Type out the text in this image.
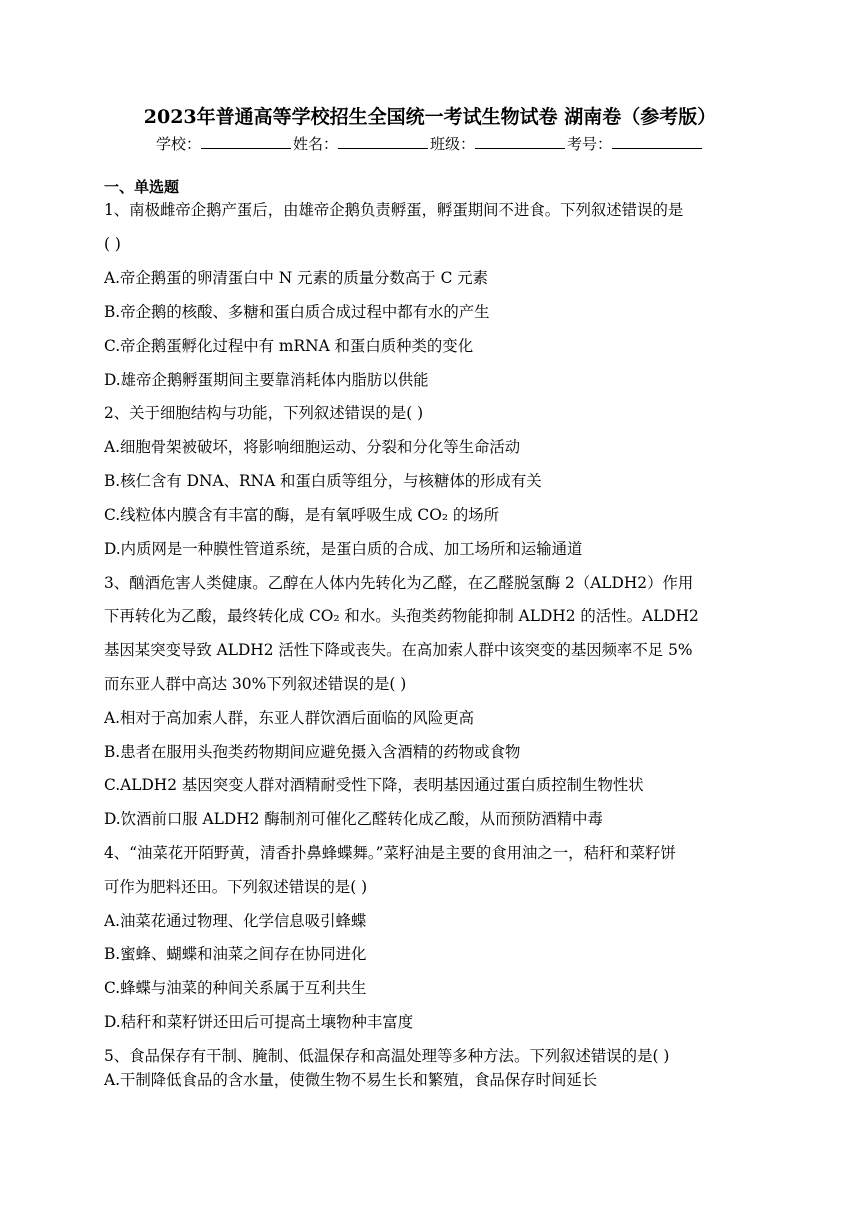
2023年普通高等学校招生全国统一考试生物试卷 湖南卷（参考版）
学校：	姓名：	班级：	考号：
一、单选题
1、南极雌帝企鹅产蛋后，由雄帝企鹅负责孵蛋，孵蛋期间不进食。下列叙述错误的是
( )
A.帝企鹅蛋的卵清蛋白中 N 元素的质量分数高于 C 元素
B.帝企鹅的核酸、多糖和蛋白质合成过程中都有水的产生
C.帝企鹅蛋孵化过程中有 mRNA 和蛋白质种类的变化
D.雄帝企鹅孵蛋期间主要靠消耗体内脂肪以供能
2、关于细胞结构与功能，下列叙述错误的是( )
A.细胞骨架被破坏，将影响细胞运动、分裂和分化等生命活动
B.核仁含有 DNA、RNA 和蛋白质等组分，与核糖体的形成有关
C.线粒体内膜含有丰富的酶，是有氧呼吸生成 CO₂ 的场所
D.内质网是一种膜性管道系统，是蛋白质的合成、加工场所和运输通道
3、酗酒危害人类健康。乙醇在人体内先转化为乙醛，在乙醛脱氢酶 2（ALDH2）作用
下再转化为乙酸，最终转化成 CO₂ 和水。头孢类药物能抑制 ALDH2 的活性。ALDH2
基因某突变导致 ALDH2 活性下降或丧失。在高加索人群中该突变的基因频率不足 5%
而东亚人群中高达 30%下列叙述错误的是( )
A.相对于高加索人群，东亚人群饮酒后面临的风险更高
B.患者在服用头孢类药物期间应避免摄入含酒精的药物或食物
C.ALDH2 基因突变人群对酒精耐受性下降，表明基因通过蛋白质控制生物性状
D.饮酒前口服 ALDH2 酶制剂可催化乙醛转化成乙酸，从而预防酒精中毒
4、“油菜花开陌野黄，清香扑鼻蜂蝶舞。”菜籽油是主要的食用油之一，秸秆和菜籽饼
可作为肥料还田。下列叙述错误的是( )
A.油菜花通过物理、化学信息吸引蜂蝶
B.蜜蜂、蝴蝶和油菜之间存在协同进化
C.蜂蝶与油菜的种间关系属于互利共生
D.秸秆和菜籽饼还田后可提高土壤物种丰富度
5、食品保存有干制、腌制、低温保存和高温处理等多种方法。下列叙述错误的是( )
A.干制降低食品的含水量，使微生物不易生长和繁殖，食品保存时间延长
